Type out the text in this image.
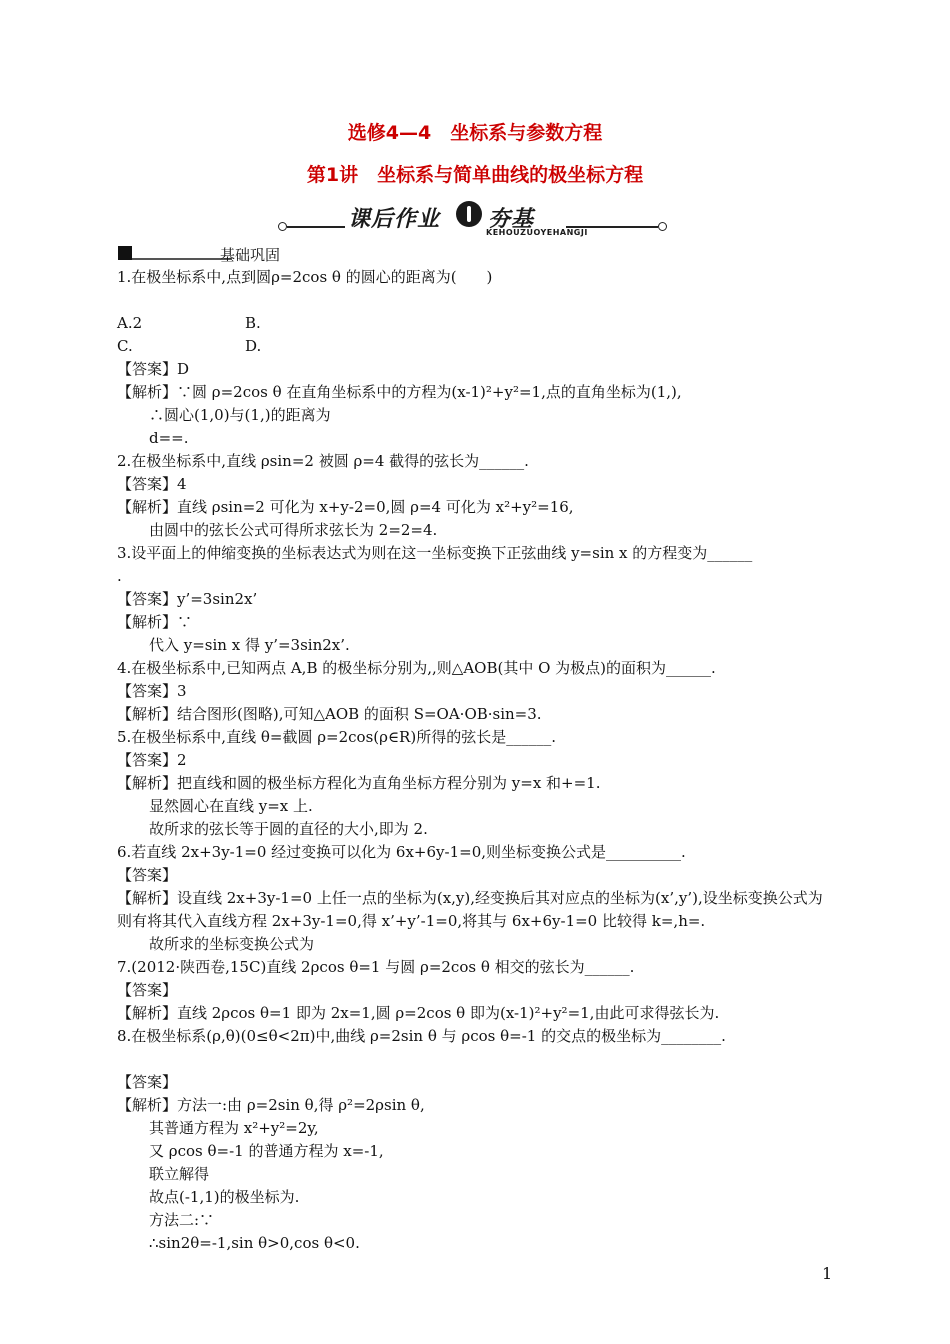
选修4—4　坐标系与参数方程
第1讲　坐标系与简单曲线的极坐标方程
课后作业 夯基
KEHOUZUOYEHANGJI
基础巩固
1.在极坐标系中,点到圆ρ=2cos θ 的圆心的距离为(　　)
A.2	B.
C.	D.
【答案】D
【解析】∵圆 ρ=2cos θ 在直角坐标系中的方程为(x-1)²+y²=1,点的直角坐标为(1,),
∴圆心(1,0)与(1,)的距离为
d==.
2.在极坐标系中,直线 ρsin=2 被圆 ρ=4 截得的弦长为______.
【答案】4
【解析】直线 ρsin=2 可化为 x+y-2=0,圆 ρ=4 可化为 x²+y²=16,
由圆中的弦长公式可得所求弦长为 2=2=4.
3.设平面上的伸缩变换的坐标表达式为则在这一坐标变换下正弦曲线 y=sin x 的方程变为______
.
【答案】y’=3sin2x’
【解析】∵
代入 y=sin x 得 y’=3sin2x’.
4.在极坐标系中,已知两点 A,B 的极坐标分别为,,则△AOB(其中 O 为极点)的面积为______.
【答案】3
【解析】结合图形(图略),可知△AOB 的面积 S=OA·OB·sin=3.
5.在极坐标系中,直线 θ=截圆 ρ=2cos(ρ∈R)所得的弦长是______.
【答案】2
【解析】把直线和圆的极坐标方程化为直角坐标方程分别为 y=x 和+=1.
显然圆心在直线 y=x 上.
故所求的弦长等于圆的直径的大小,即为 2.
6.若直线 2x+3y-1=0 经过变换可以化为 6x+6y-1=0,则坐标变换公式是__________.
【答案】
【解析】设直线 2x+3y-1=0 上任一点的坐标为(x,y),经变换后其对应点的坐标为(x’,y’),设坐标变换公式为则有将其代入直线方程 2x+3y-1=0,得 x’+y’-1=0,将其与 6x+6y-1=0 比较得 k=,h=.
故所求的坐标变换公式为
7.(2012·陕西卷,15C)直线 2ρcos θ=1 与圆 ρ=2cos θ 相交的弦长为______.
【答案】
【解析】直线 2ρcos θ=1 即为 2x=1,圆 ρ=2cos θ 即为(x-1)²+y²=1,由此可求得弦长为.
8.在极坐标系(ρ,θ)(0≤θ<2π)中,曲线 ρ=2sin θ 与 ρcos θ=-1 的交点的极坐标为________.
【答案】
【解析】方法一:由 ρ=2sin θ,得 ρ²=2ρsin θ,
其普通方程为 x²+y²=2y,
又 ρcos θ=-1 的普通方程为 x=-1,
联立解得
故点(-1,1)的极坐标为.
方法二:∵
∴sin2θ=-1,sin θ>0,cos θ<0.
1
